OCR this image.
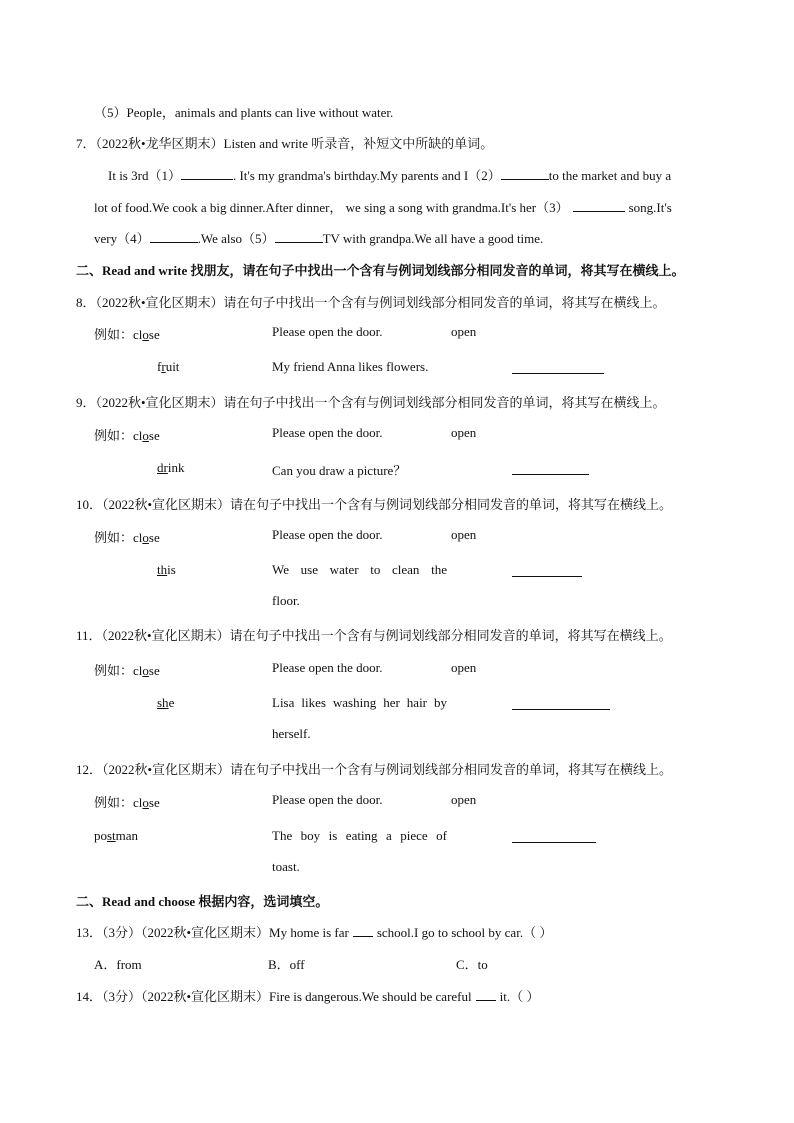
（5）People，animals and plants can live without water.
7．（2022秋•龙华区期末）Listen and write 听录音，补短文中所缺的单词。
It is 3rd（1）	. It's my grandma's birthday.My parents and I（2）	to the market and buy a
lot of food.We cook a big dinner.After dinner， we sing a song with grandma.It's her（3）	song.It's
very（4）	.We also（5）	TV with grandpa.We all have a good time.
二、Read and write 找朋友，请在句子中找出一个含有与例词划线部分相同发音的单词，将其写在横线上。
8．（2022秋•宣化区期末）请在句子中找出一个含有与例词划线部分相同发音的单词，将其写在横线上。
例如：close	Please open the door.	open
fruit	My friend Anna likes flowers.
9．（2022秋•宣化区期末）请在句子中找出一个含有与例词划线部分相同发音的单词，将其写在横线上。
例如：close	Please open the door.	open
drink	Can you draw a picture？
10．（2022秋•宣化区期末）请在句子中找出一个含有与例词划线部分相同发音的单词，将其写在横线上。
例如：close	Please open the door.	open
this	We use water to clean the
floor.
11．（2022秋•宣化区期末）请在句子中找出一个含有与例词划线部分相同发音的单词，将其写在横线上。
例如：close	Please open the door.	open
she	Lisa likes washing her hair by
herself.
12．（2022秋•宣化区期末）请在句子中找出一个含有与例词划线部分相同发音的单词，将其写在横线上。
例如：close	Please open the door.	open
postman	The boy is eating a piece of
toast.
二、Read and choose 根据内容，选词填空。
13．（3分）（2022秋•宣化区期末）My home is far school.I go to school by car.（ ）
A．from	B．off	C．to
14．（3分）（2022秋•宣化区期末）Fire is dangerous.We should be careful it.（ ）
